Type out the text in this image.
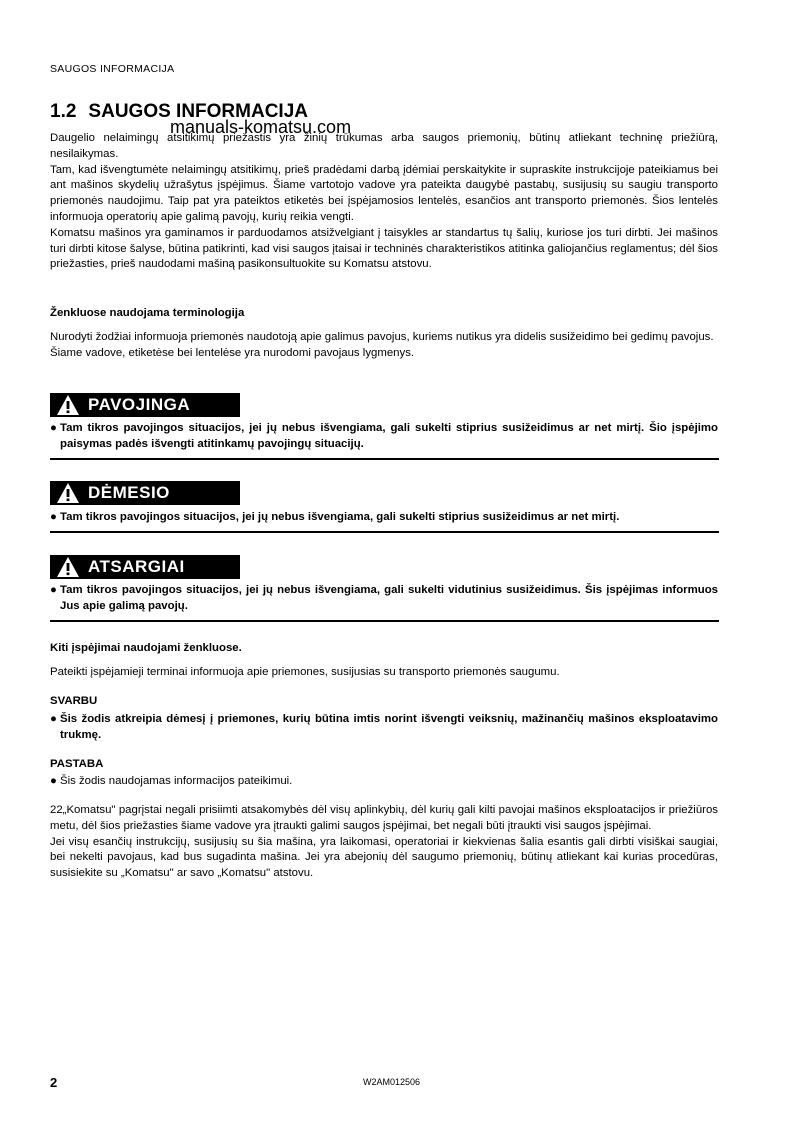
SAUGOS INFORMACIJA
1.2 SAUGOS INFORMACIJA
manuals-komatsu.com
Daugelio nelaimingų atsitikimų priežastis yra žinių trūkumas arba saugos priemonių, būtinų atliekant techninę priežiūrą, nesilaikymas.
Tam, kad išvengtumėte nelaimingų atsitikimų, prieš pradėdami darbą įdėmiai perskaitykite ir supraskite instrukcijoje pateikiamus bei ant mašinos skydelių užrašytus įspėjimus. Šiame vartotojo vadove yra pateikta daugybė pastabų, susijusių su saugiu transporto priemonės naudojimu. Taip pat yra pateiktos etiketės bei įspėjamosios lentelės, esančios ant transporto priemonės. Šios lentelės informuoja operatorių apie galimą pavojų, kurių reikia vengti.
Komatsu mašinos yra gaminamos ir parduodamos atsižvelgiant į taisykles ar standartus tų šalių, kuriose jos turi dirbti. Jei mašinos turi dirbti kitose šalyse, būtina patikrinti, kad visi saugos įtaisai ir techninės charakteristikos atitinka galiojančius reglamentus; dėl šios priežasties, prieš naudodami mašiną pasikonsultuokite su Komatsu atstovu.
Ženkluose naudojama terminologija
Nurodyti žodžiai informuoja priemonės naudotoją apie galimus pavojus, kuriems nutikus yra didelis susižeidimo bei gedimų pavojus.
Šiame vadove, etiketėse bei lentelėse yra nurodomi pavojaus lygmenys.
PAVOJINGA
● Tam tikros pavojingos situacijos, jei jų nebus išvengiama, gali sukelti stiprius susižeidimus ar net mirtį. Šio įspėjimo paisymas padės išvengti atitinkamų pavojingų situacijų.
DĖMESIO
● Tam tikros pavojingos situacijos, jei jų nebus išvengiama, gali sukelti stiprius susižeidimus ar net mirtį.
ATSARGIAI
● Tam tikros pavojingos situacijos, jei jų nebus išvengiama, gali sukelti vidutinius susižeidimus. Šis įspėjimas informuos Jus apie galimą pavojų.
Kiti įspėjimai naudojami ženkluose.
Pateikti įspėjamieji terminai informuoja apie priemones, susijusias su transporto priemonės saugumu.
SVARBU
● Šis žodis atkreipia dėmesį į priemones, kurių būtina imtis norint išvengti veiksnių, mažinančių mašinos eksploatavimo trukmę.
PASTABA
● Šis žodis naudojamas informacijos pateikimui.
22„Komatsu" pagrįstai negali prisiimti atsakomybės dėl visų aplinkybių, dėl kurių gali kilti pavojai mašinos eksploatacijos ir priežiūros metu, dėl šios priežasties šiame vadove yra įtraukti galimi saugos įspėjimai, bet negali būti įtraukti visi saugos įspėjimai.
Jei visų esančių instrukcijų, susijusių su šia mašina, yra laikomasi, operatoriai ir kiekvienas šalia esantis gali dirbti visiškai saugiai, bei nekelti pavojaus, kad bus sugadinta mašina. Jei yra abejonių dėl saugumo priemonių, būtinų atliekant kai kurias procedūras, susisiekite su „Komatsu" ar savo „Komatsu" atstovu.
2	W2AM012506
